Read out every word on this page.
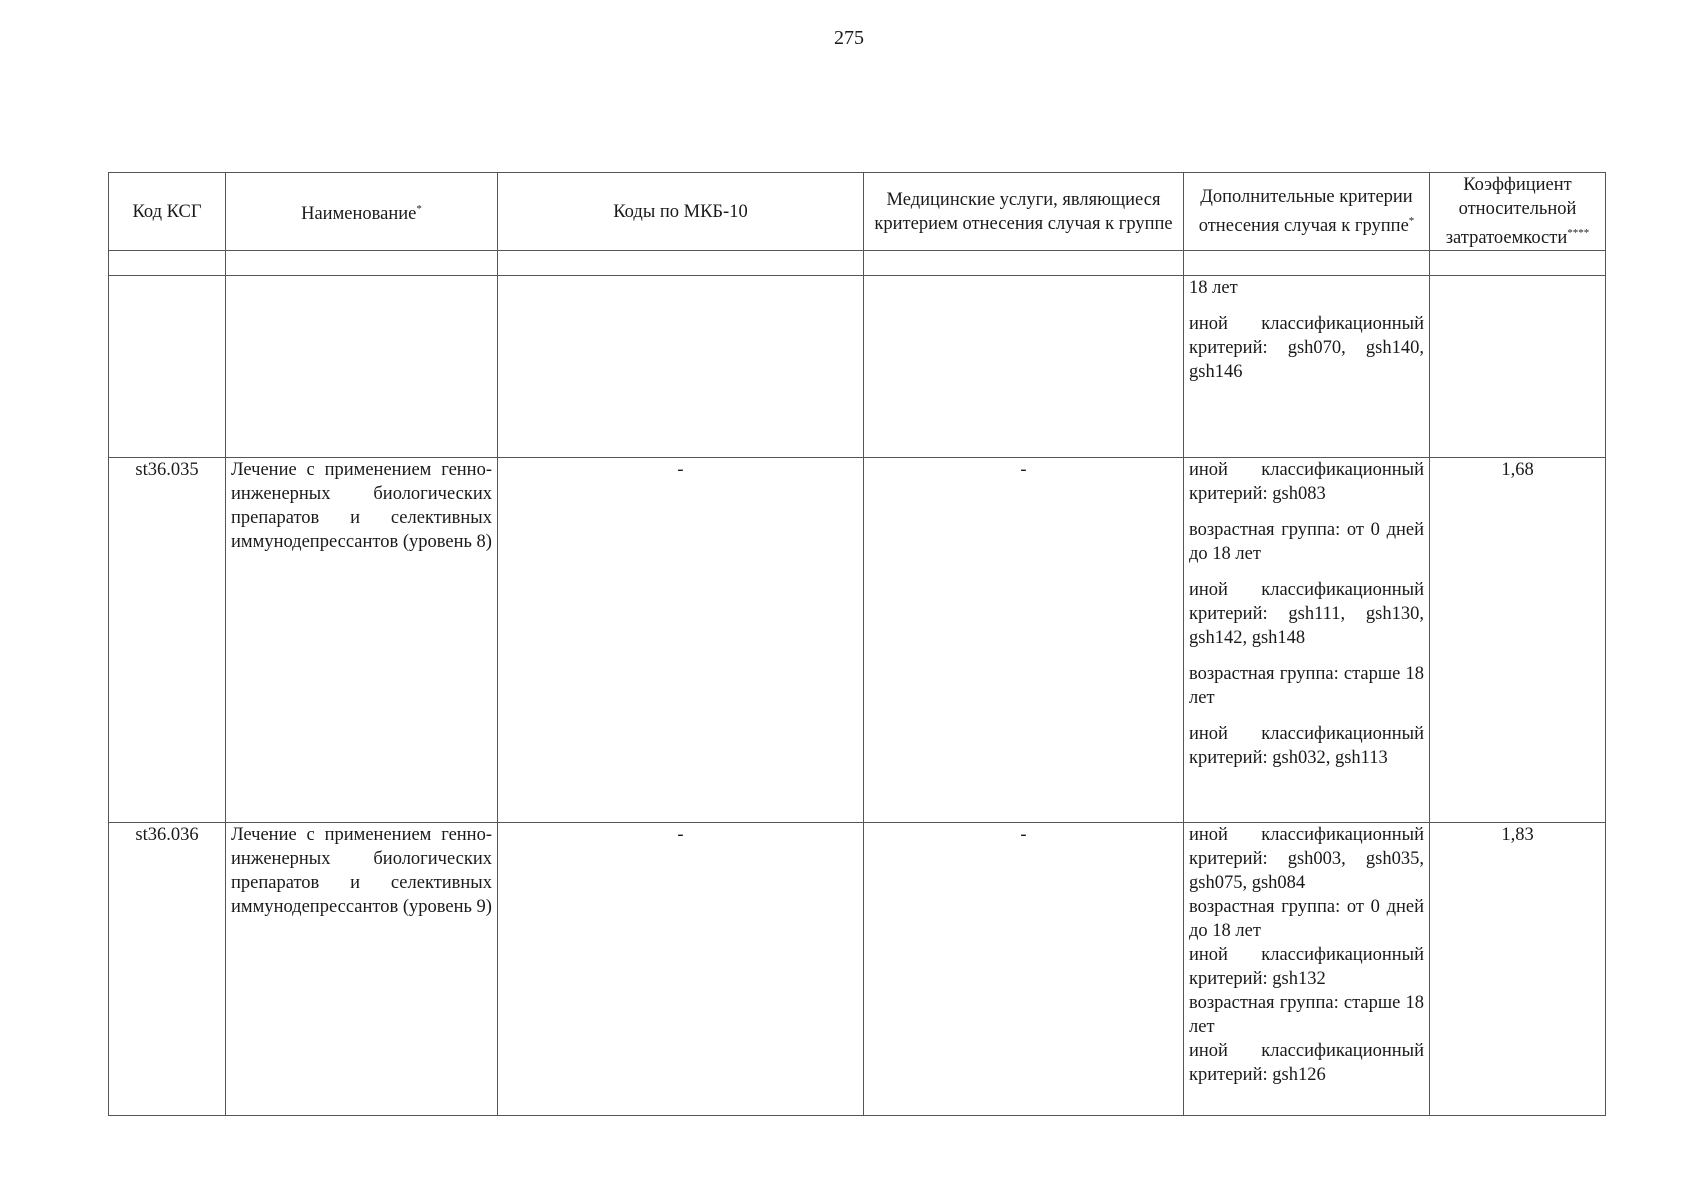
275
Код КСГ	Наименование*	Коды по МКБ-10	Медицинские услуги, являющиеся критерием отнесения случая к группе	Дополнительные критерии отнесения случая к группе*	Коэффициент относительной затратоемкости****

				18 лет

иной классификационный критерий: gsh070, gsh140, gsh146	

st36.035	Лечение с применением генно-инженерных биологических препаратов и селективных иммунодепрессантов (уровень 8)	-	-	иной классификационный критерий: gsh083

возрастная группа: от 0 дней до 18 лет

иной классификационный критерий: gsh111, gsh130, gsh142, gsh148

возрастная группа: старше 18 лет

иной классификационный критерий: gsh032, gsh113	1,68
st36.036	Лечение с применением генно-инженерных биологических препаратов и селективных иммунодепрессантов (уровень 9)	-	-	иной классификационный критерий: gsh003, gsh035, gsh075, gsh084

возрастная группа: от 0 дней до 18 лет

иной классификационный критерий: gsh132

возрастная группа: старше 18 лет

иной классификационный критерий: gsh126	1,83
